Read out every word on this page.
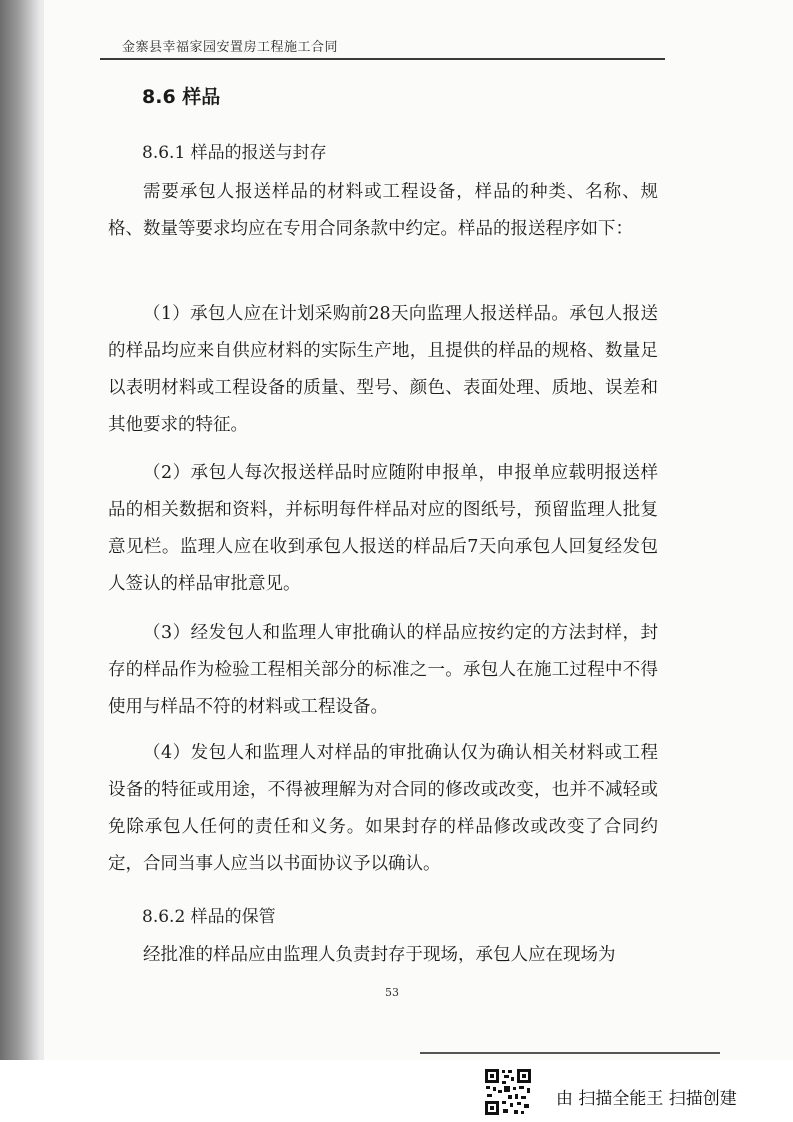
金寨县幸福家园安置房工程施工合同
8.6 样品
8.6.1 样品的报送与封存

需要承包人报送样品的材料或工程设备，样品的种类、名称、规格、数量等要求均应在专用合同条款中约定。样品的报送程序如下：

（1）承包人应在计划采购前28天向监理人报送样品。承包人报送的样品均应来自供应材料的实际生产地，且提供的样品的规格、数量足以表明材料或工程设备的质量、型号、颜色、表面处理、质地、误差和其他要求的特征。

（2）承包人每次报送样品时应随附申报单，申报单应载明报送样品的相关数据和资料，并标明每件样品对应的图纸号，预留监理人批复意见栏。监理人应在收到承包人报送的样品后7天向承包人回复经发包人签认的样品审批意见。

（3）经发包人和监理人审批确认的样品应按约定的方法封样，封存的样品作为检验工程相关部分的标准之一。承包人在施工过程中不得使用与样品不符的材料或工程设备。

（4）发包人和监理人对样品的审批确认仅为确认相关材料或工程设备的特征或用途，不得被理解为对合同的修改或改变，也并不减轻或免除承包人任何的责任和义务。如果封存的样品修改或改变了合同约定，合同当事人应当以书面协议予以确认。

8.6.2 样品的保管

经批准的样品应由监理人负责封存于现场，承包人应在现场为

53
由 扫描全能王 扫描创建
